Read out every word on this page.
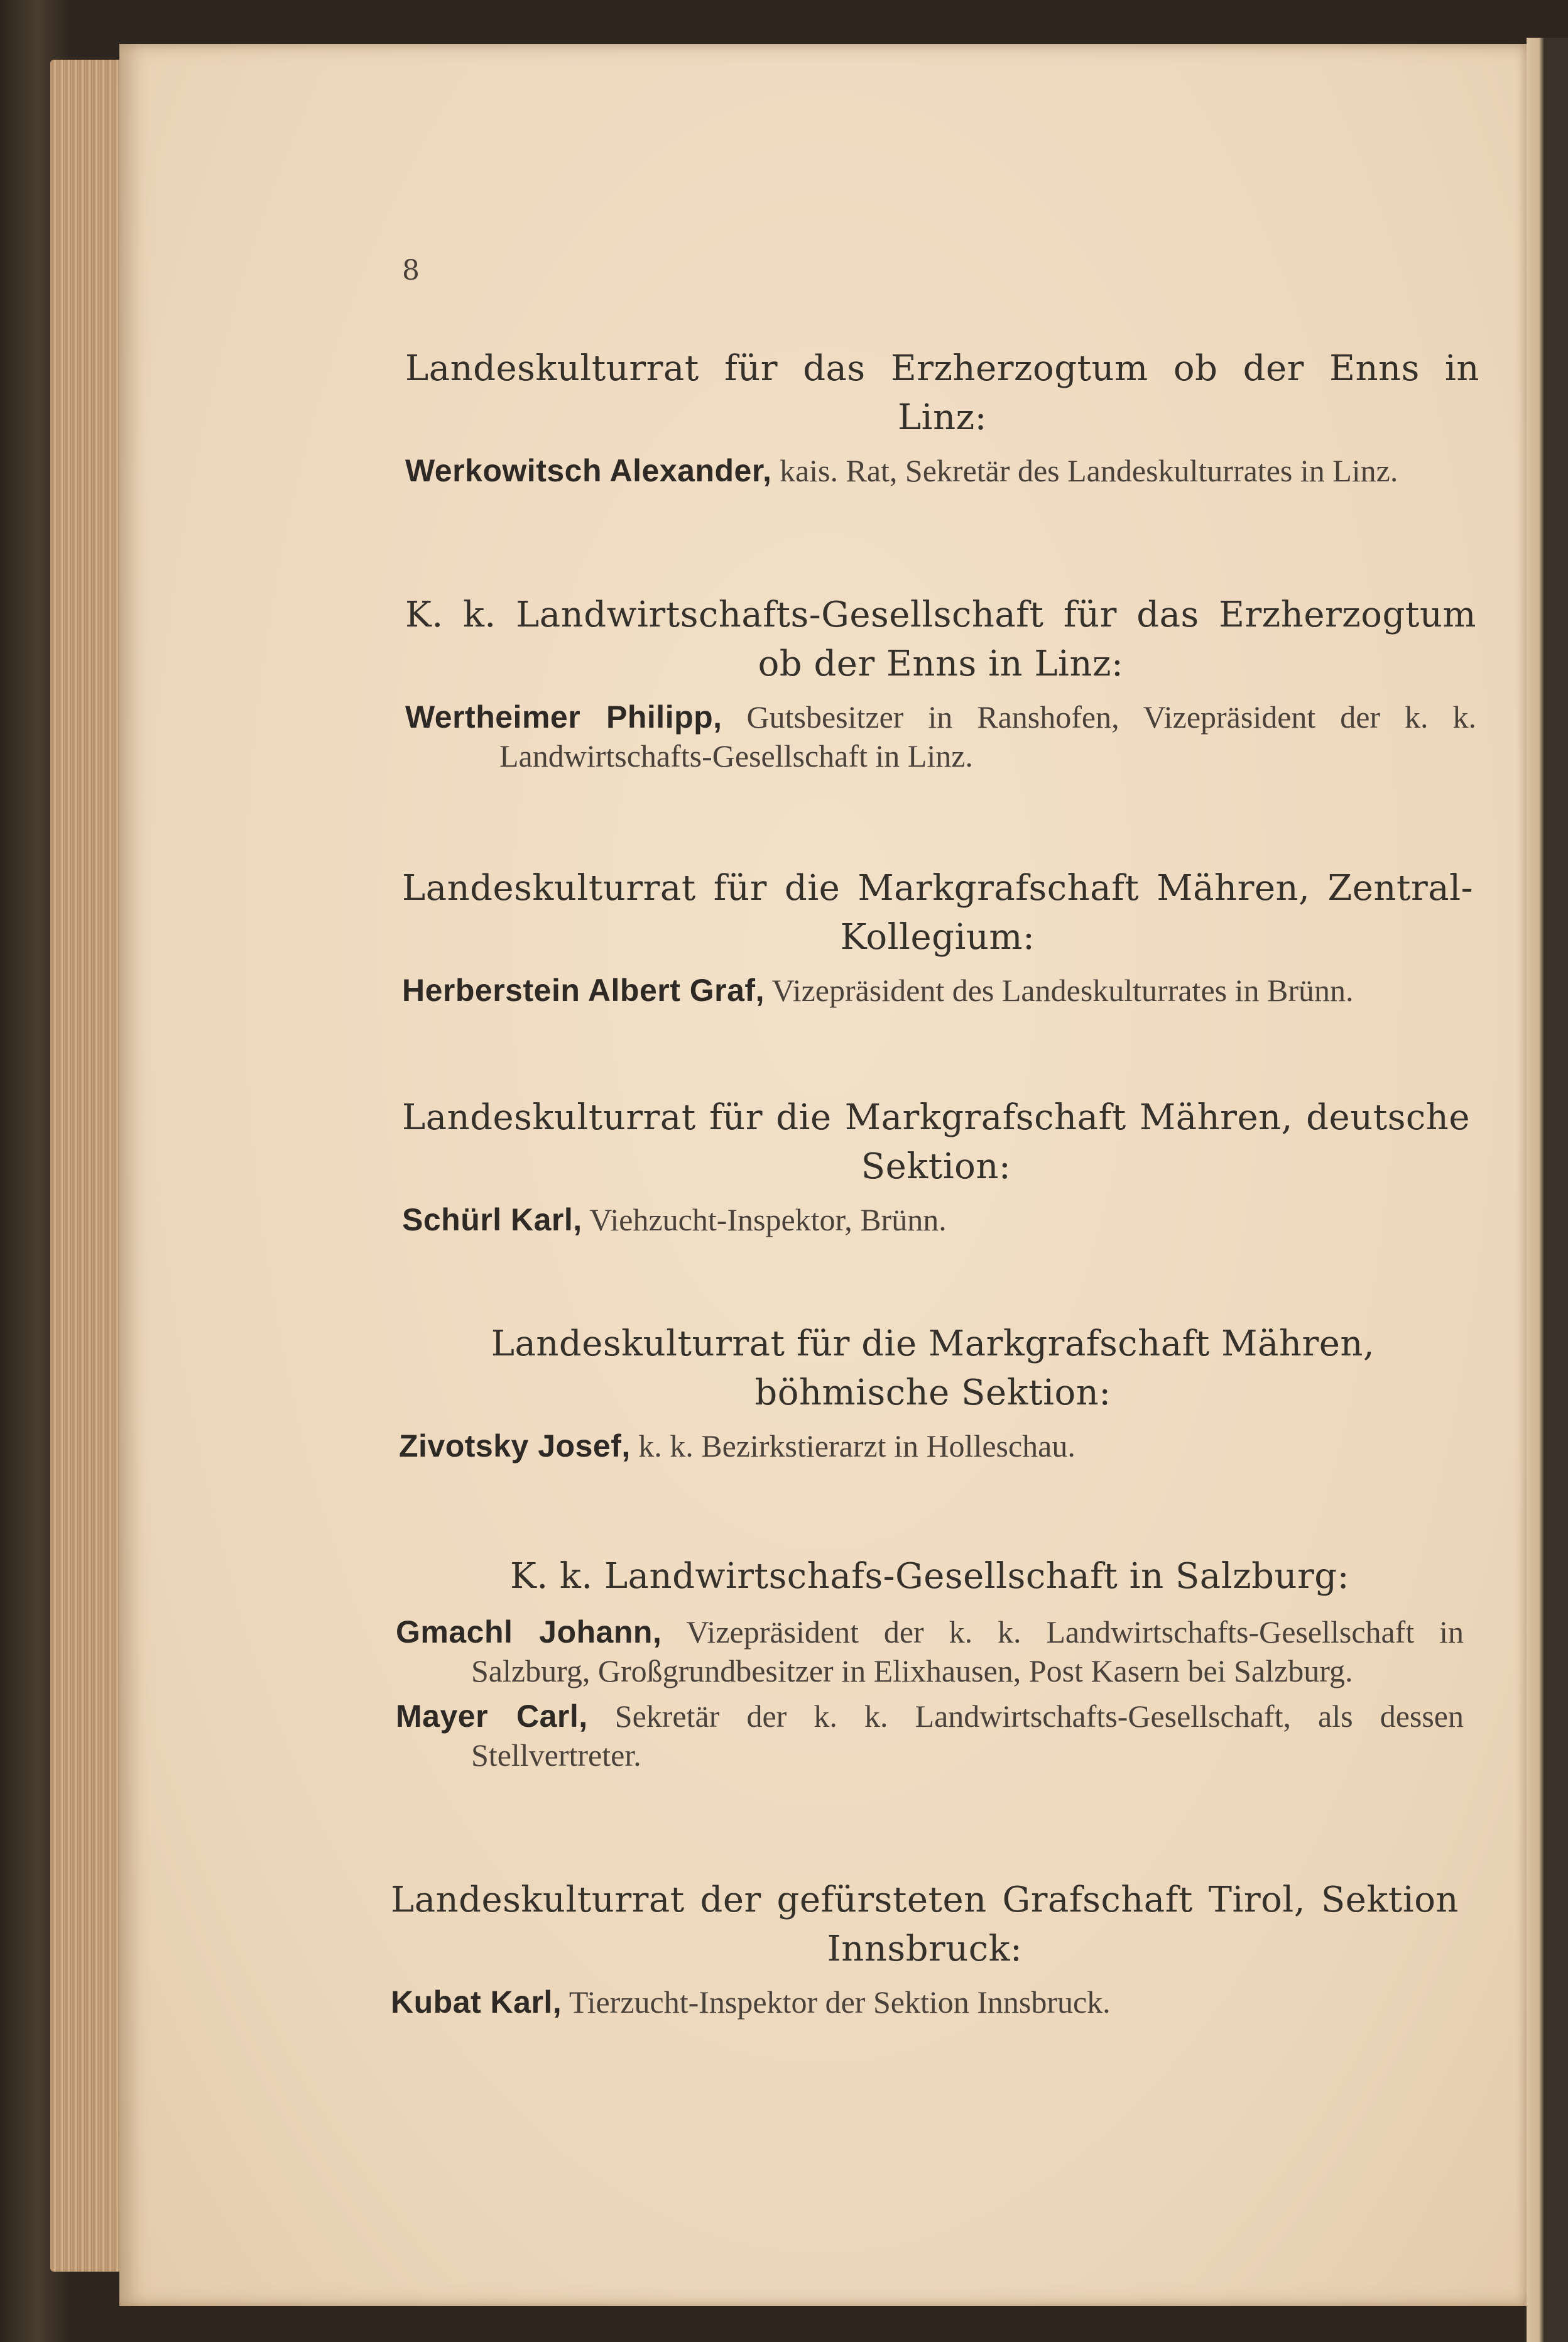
8
Landeskulturrat für das Erzherzogtum ob der Enns in
Linz:
Werkowitsch Alexander, kais. Rat, Sekretär des Landeskulturrates in Linz.
K. k. Landwirtschafts-Gesellschaft für das Erzherzogtum
ob der Enns in Linz:
Wertheimer Philipp, Gutsbesitzer in Ranshofen, Vizepräsident der k. k. Landwirtschafts-Gesellschaft in Linz.
Landeskulturrat für die Markgrafschaft Mähren, Zentral-
Kollegium:
Herberstein Albert Graf, Vizepräsident des Landeskulturrates in Brünn.
Landeskulturrat für die Markgrafschaft Mähren, deutsche
Sektion:
Schürl Karl, Viehzucht-Inspektor, Brünn.
Landeskulturrat für die Markgrafschaft Mähren,
böhmische Sektion:
Zivotsky Josef, k. k. Bezirkstierarzt in Holleschau.
K. k. Landwirtschafs-Gesellschaft in Salzburg:
Gmachl Johann, Vizepräsident der k. k. Landwirtschafts-Gesellschaft in Salzburg, Großgrundbesitzer in Elixhausen, Post Kasern bei Salzburg.
Mayer Carl, Sekretär der k. k. Landwirtschafts-Gesellschaft, als dessen Stellvertreter.
Landeskulturrat der gefürsteten Grafschaft Tirol, Sektion
Innsbruck:
Kubat Karl, Tierzucht-Inspektor der Sektion Innsbruck.
